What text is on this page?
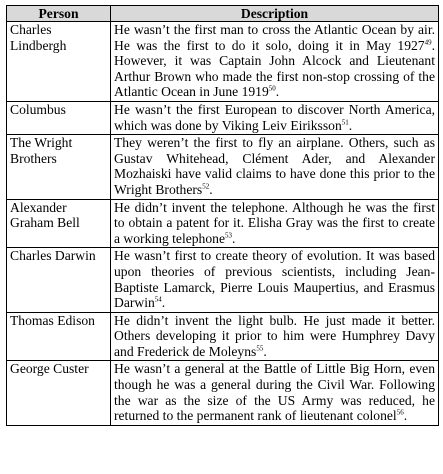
Person	Description
Charles Lindbergh	He wasn’t the first man to cross the Atlantic Ocean by air. He was the first to do it solo, doing it in May 1927$^{49}$. However, it was Captain John Alcock and Lieutenant Arthur Brown who made the first non-stop crossing of the Atlantic Ocean in June 1919$^{50}$.
Columbus	He wasn’t the first European to discover North America, which was done by Viking Leiv Eiriksson$^{51}$.
The Wright Brothers	They weren’t the first to fly an airplane. Others, such as Gustav Whitehead, Clément Ader, and Alexander Mozhaiski have valid claims to have done this prior to the Wright Brothers$^{52}$.
Alexander Graham Bell	He didn’t invent the telephone. Although he was the first to obtain a patent for it. Elisha Gray was the first to create a working telephone$^{53}$.
Charles Darwin	He wasn’t first to create theory of evolution. It was based upon theories of previous scientists, including Jean-Baptiste Lamarck, Pierre Louis Maupertius, and Erasmus Darwin$^{54}$.
Thomas Edison	He didn’t invent the light bulb. He just made it better. Others developing it prior to him were Humphrey Davy and Frederick de Moleyns$^{55}$.
George Custer	He wasn’t a general at the Battle of Little Big Horn, even though he was a general during the Civil War. Following the war as the size of the US Army was reduced, he returned to the permanent rank of lieutenant colonel$^{56}$.
